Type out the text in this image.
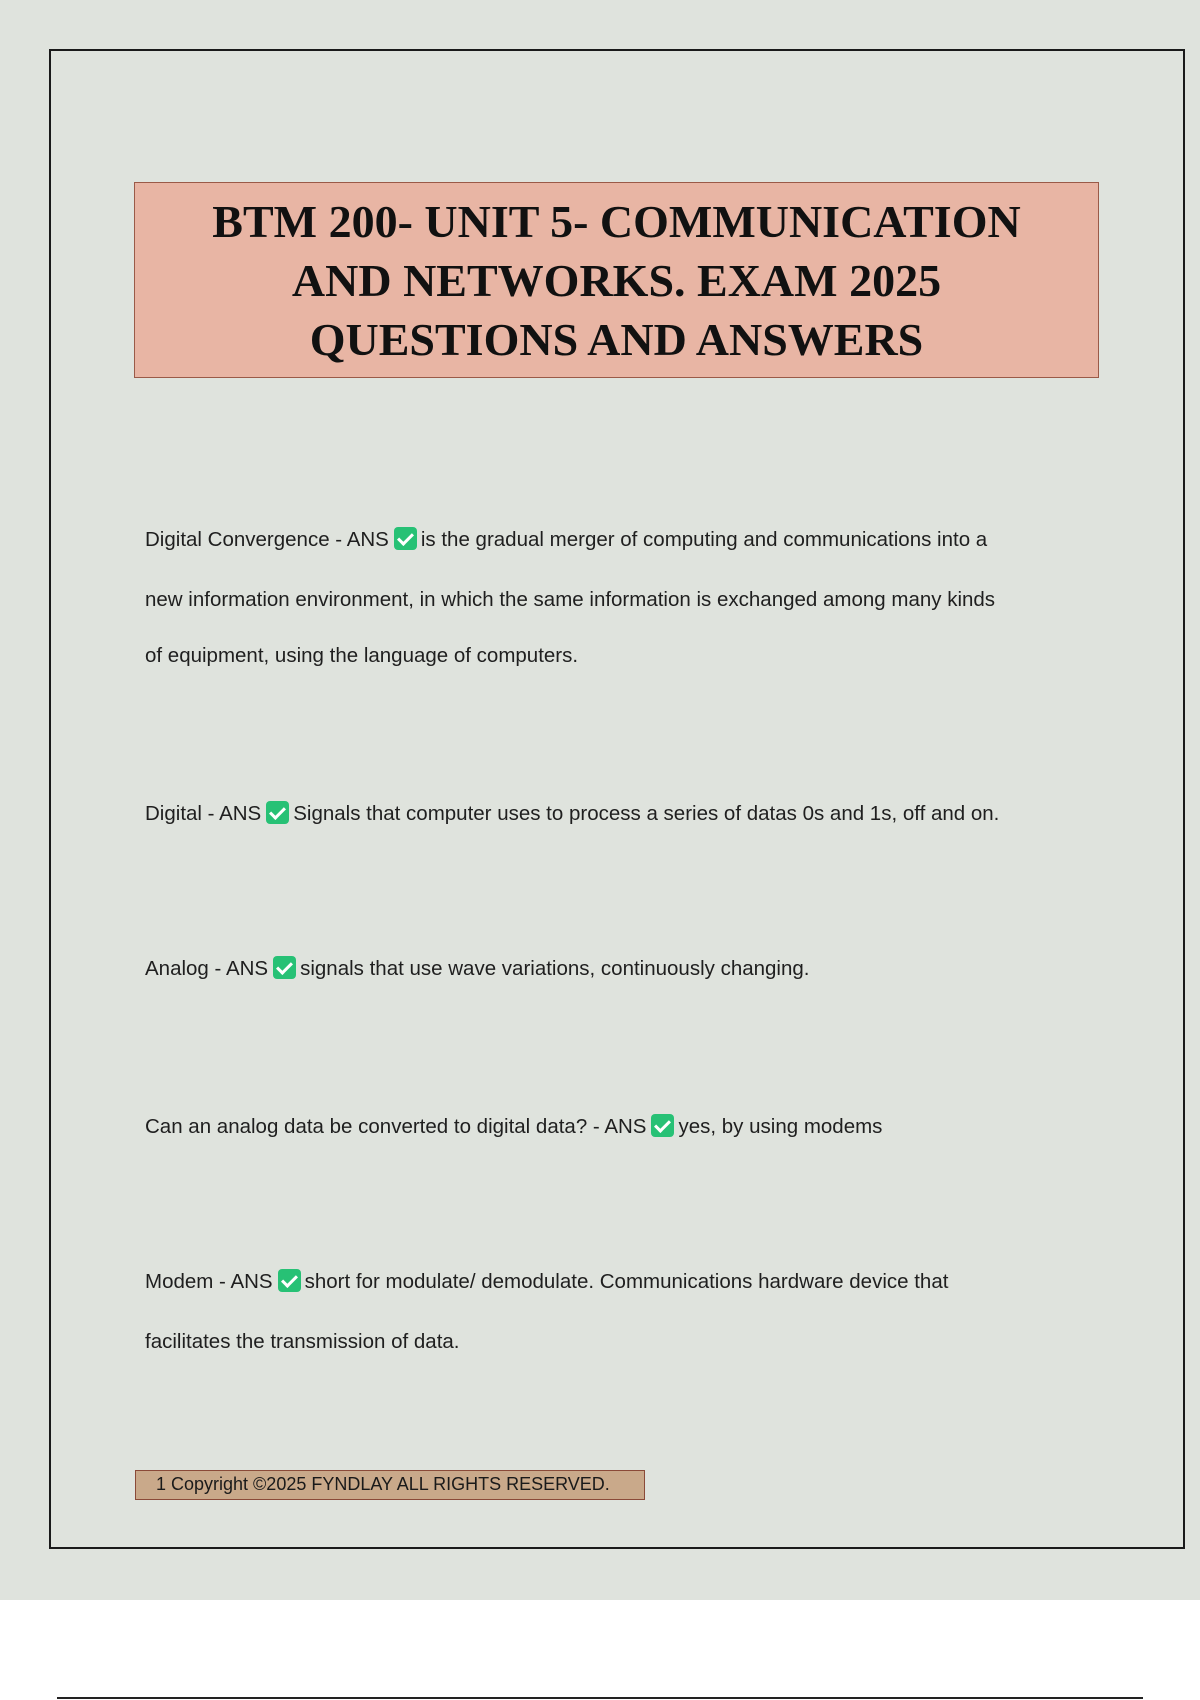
BTM 200- UNIT 5- COMMUNICATION
AND NETWORKS. EXAM 2025
QUESTIONS AND ANSWERS
Digital Convergence - ANS is the gradual merger of computing and communications into a
new information environment, in which the same information is exchanged among many kinds
of equipment, using the language of computers.
Digital - ANS Signals that computer uses to process a series of datas 0s and 1s, off and on.
Analog - ANS signals that use wave variations, continuously changing.
Can an analog data be converted to digital data? - ANS yes, by using modems
Modem - ANS short for modulate/ demodulate. Communications hardware device that
facilitates the transmission of data.
1 Copyright ©2025 FYNDLAY ALL RIGHTS RESERVED.
